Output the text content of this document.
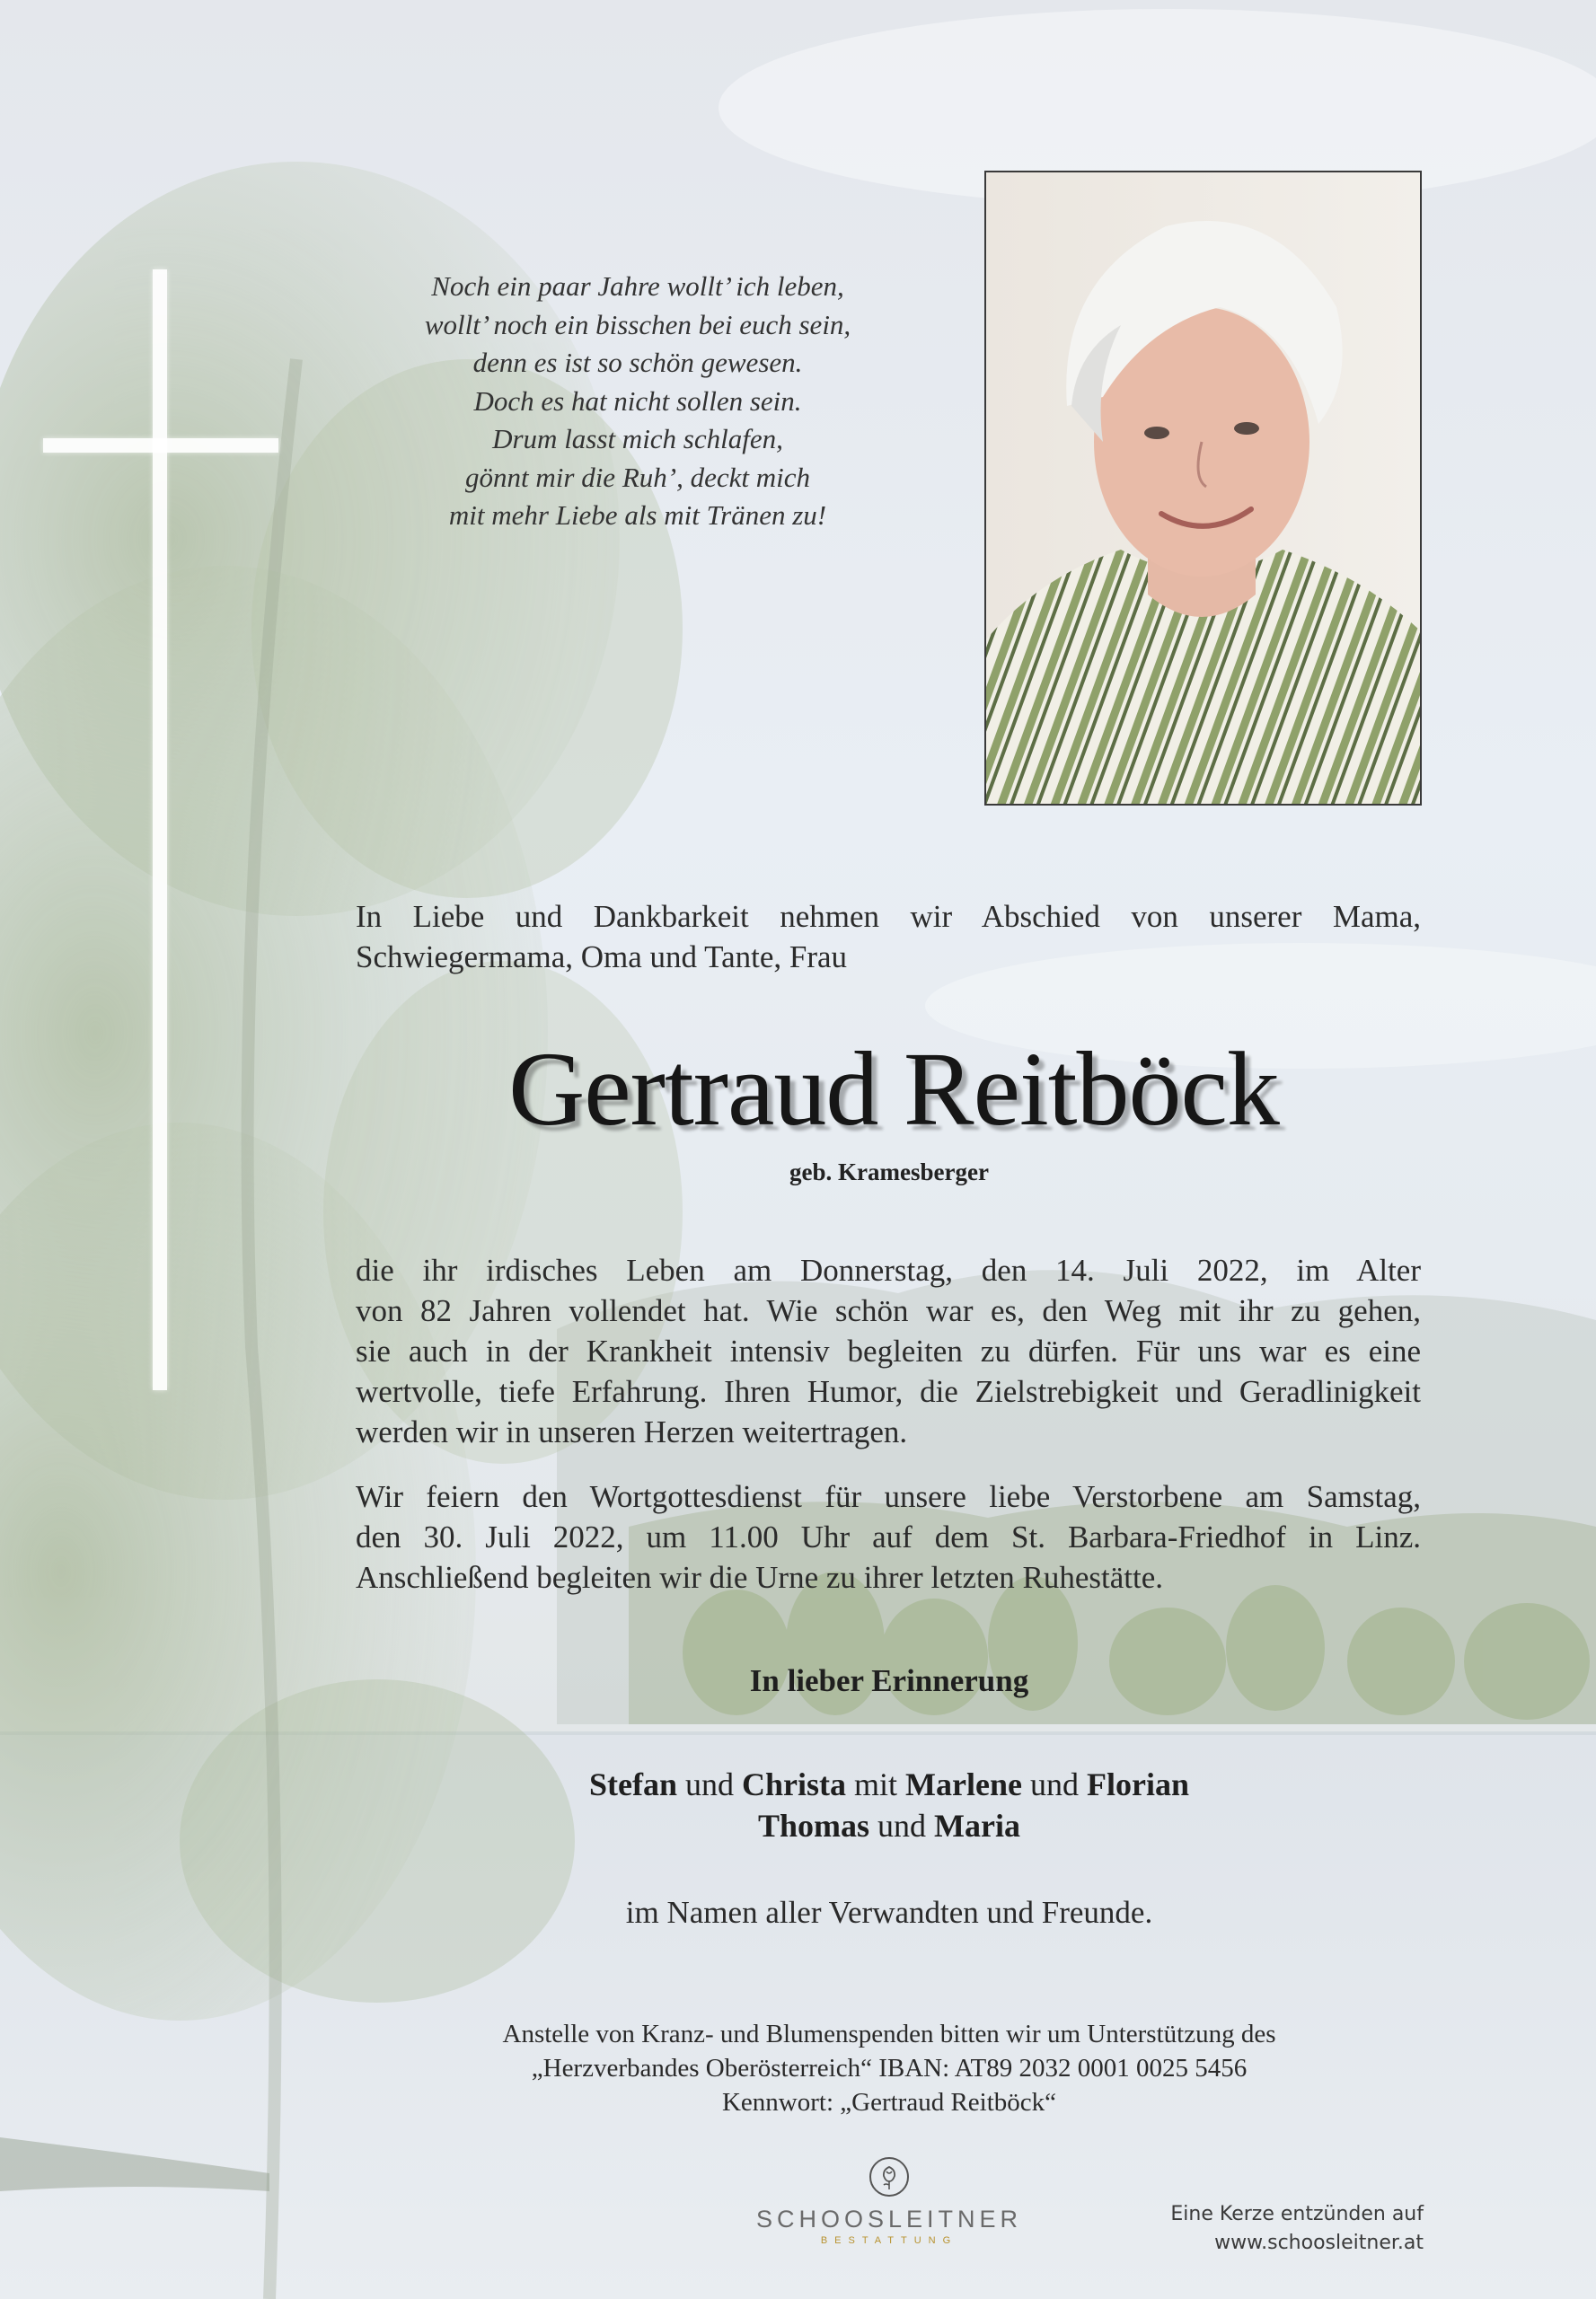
Noch ein paar Jahre wollt’ ich leben,
wollt’ noch ein bisschen bei euch sein,
denn es ist so schön gewesen.
Doch es hat nicht sollen sein.
Drum lasst mich schlafen,
gönnt mir die Ruh’, deckt mich
mit mehr Liebe als mit Tränen zu!
In Liebe und Dankbarkeit nehmen wir Abschied von unserer Mama, Schwiegermama, Oma und Tante, Frau
Gertraud Reitböck
geb. Kramesberger
die ihr irdisches Leben am Donnerstag, den 14. Juli 2022, im Alter
von 82 Jahren vollendet hat. Wie schön war es, den Weg mit ihr zu gehen,
sie auch in der Krankheit intensiv begleiten zu dürfen. Für uns war es eine
wertvolle, tiefe Erfahrung. Ihren Humor, die Zielstrebigkeit und Geradlinigkeit
werden wir in unseren Herzen weitertragen.
Wir feiern den Wortgottesdienst für unsere liebe Verstorbene am Samstag,
den 30. Juli 2022, um 11.00 Uhr auf dem St. Barbara-Friedhof in Linz.
Anschließend begleiten wir die Urne zu ihrer letzten Ruhestätte.
In lieber Erinnerung
Stefan und Christa mit Marlene und Florian
Thomas und Maria
im Namen aller Verwandten und Freunde.
Anstelle von Kranz- und Blumenspenden bitten wir um Unterstützung des
„Herzverbandes Oberösterreich“ IBAN: AT89 2032 0001 0025 5456
Kennwort: „Gertraud Reitböck“
SCHOOSLEITNER
BESTATTUNG
Eine Kerze entzünden auf
www.schoosleitner.at
